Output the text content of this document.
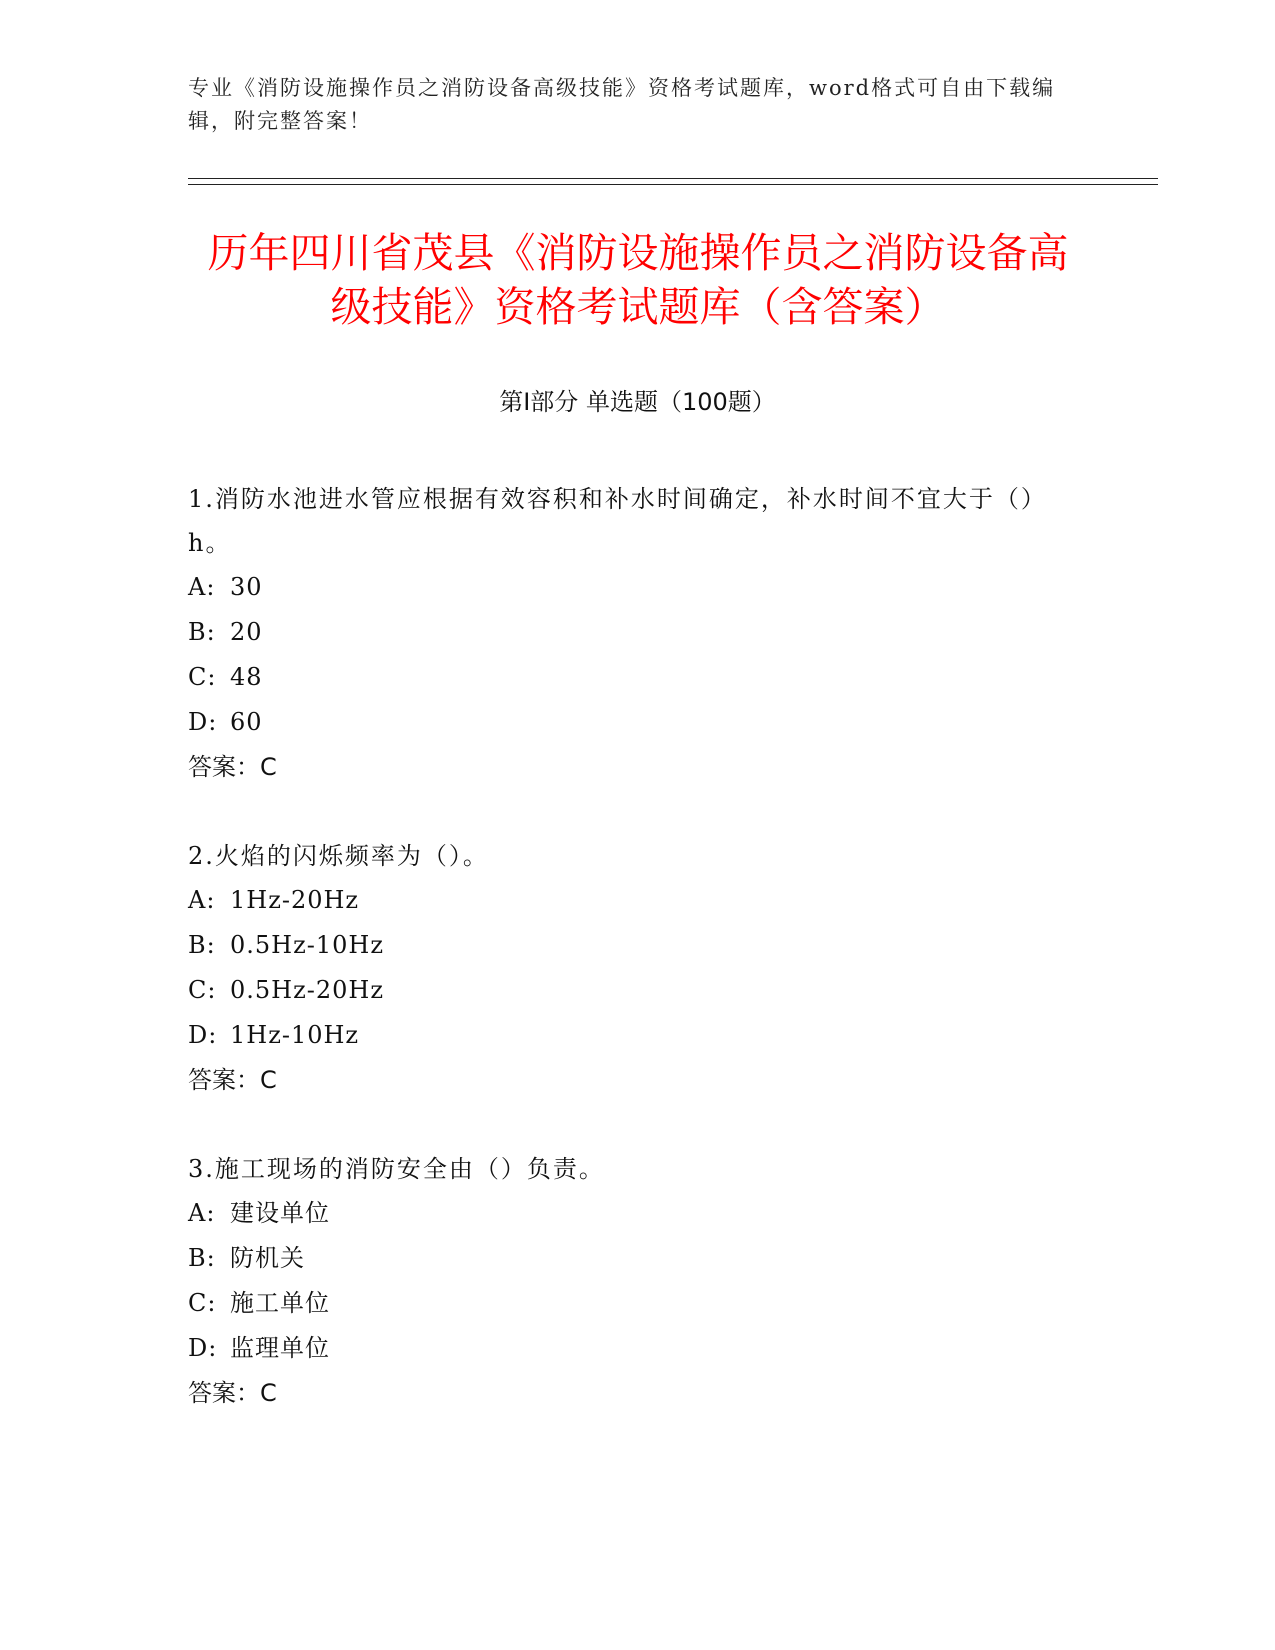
专业《消防设施操作员之消防设备高级技能》资格考试题库，word格式可自由下载编辑，附完整答案！
历年四川省茂县《消防设施操作员之消防设备高级技能》资格考试题库（含答案）
第Ⅰ部分 单选题（100题）
1.消防水池进水管应根据有效容积和补水时间确定，补水时间不宜大于（）h。
A: 30
B: 20
C: 48
D: 60
答案：C
2.火焰的闪烁频率为（）。
A: 1Hz-20Hz
B: 0.5Hz-10Hz
C: 0.5Hz-20Hz
D: 1Hz-10Hz
答案：C
3.施工现场的消防安全由（）负责。
A: 建设单位
B: 防机关
C: 施工单位
D: 监理单位
答案：C
